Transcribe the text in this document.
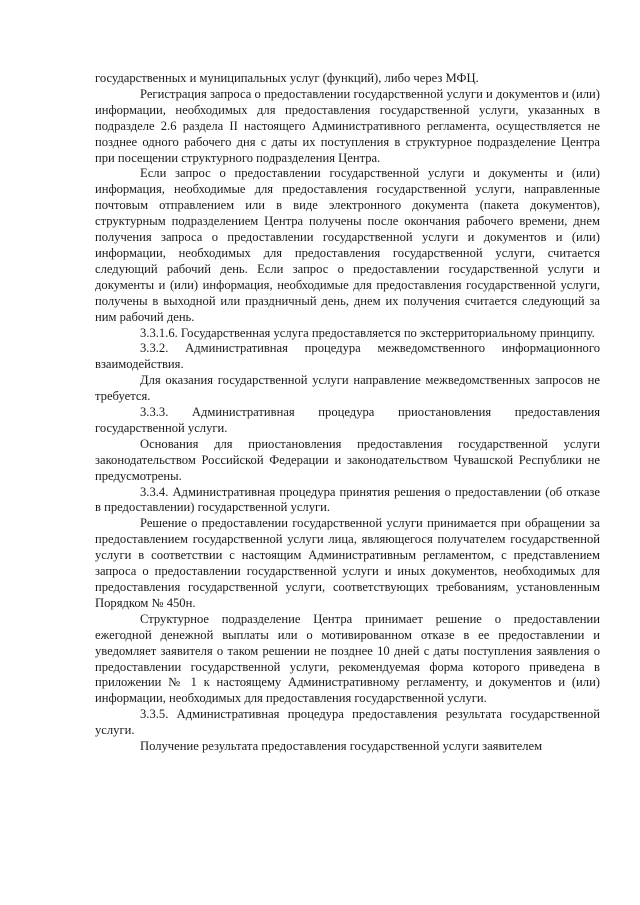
государственных и муниципальных услуг (функций), либо через МФЦ.

Регистрация запроса о предоставлении государственной услуги и документов и (или) информации, необходимых для предоставления государственной услуги, указанных в подразделе 2.6 раздела II настоящего Административного регламента, осуществляется не позднее одного рабочего дня с даты их поступления в структурное подразделение Центра при посещении структурного подразделения Центра.

Если запрос о предоставлении государственной услуги и документы и (или) информация, необходимые для предоставления государственной услуги, направленные почтовым отправлением или в виде электронного документа (пакета документов), структурным подразделением Центра получены после окончания рабочего времени, днем получения запроса о предоставлении государственной услуги и документов и (или) информации, необходимых для предоставления государственной услуги, считается следующий рабочий день. Если запрос о предоставлении государственной услуги и документы и (или) информация, необходимые для предоставления государственной услуги, получены в выходной или праздничный день, днем их получения считается следующий за ним рабочий день.

3.3.1.6. Государственная услуга предоставляется по экстерриториальному принципу.

3.3.2. Административная процедура межведомственного информационного взаимодействия.

Для оказания государственной услуги направление межведомственных запросов не требуется.

3.3.3. Административная процедура приостановления предоставления государственной услуги.

Основания для приостановления предоставления государственной услуги законодательством Российской Федерации и законодательством Чувашской Республики не предусмотрены.

3.3.4. Административная процедура принятия решения о предоставлении (об отказе в предоставлении) государственной услуги.

Решение о предоставлении государственной услуги принимается при обращении за предоставлением государственной услуги лица, являющегося получателем государственной услуги в соответствии с настоящим Административным регламентом, с представлением запроса о предоставлении государственной услуги и иных документов, необходимых для предоставления государственной услуги, соответствующих требованиям, установленным Порядком № 450н.

Структурное подразделение Центра принимает решение о предоставлении ежегодной денежной выплаты или о мотивированном отказе в ее предоставлении и уведомляет заявителя о таком решении не позднее 10 дней с даты поступления заявления о предоставлении государственной услуги, рекомендуемая форма которого приведена в приложении № 1 к настоящему Административному регламенту, и документов и (или) информации, необходимых для предоставления государственной услуги.

3.3.5. Административная процедура предоставления результата государственной услуги.

Получение результата предоставления государственной услуги заявителем
